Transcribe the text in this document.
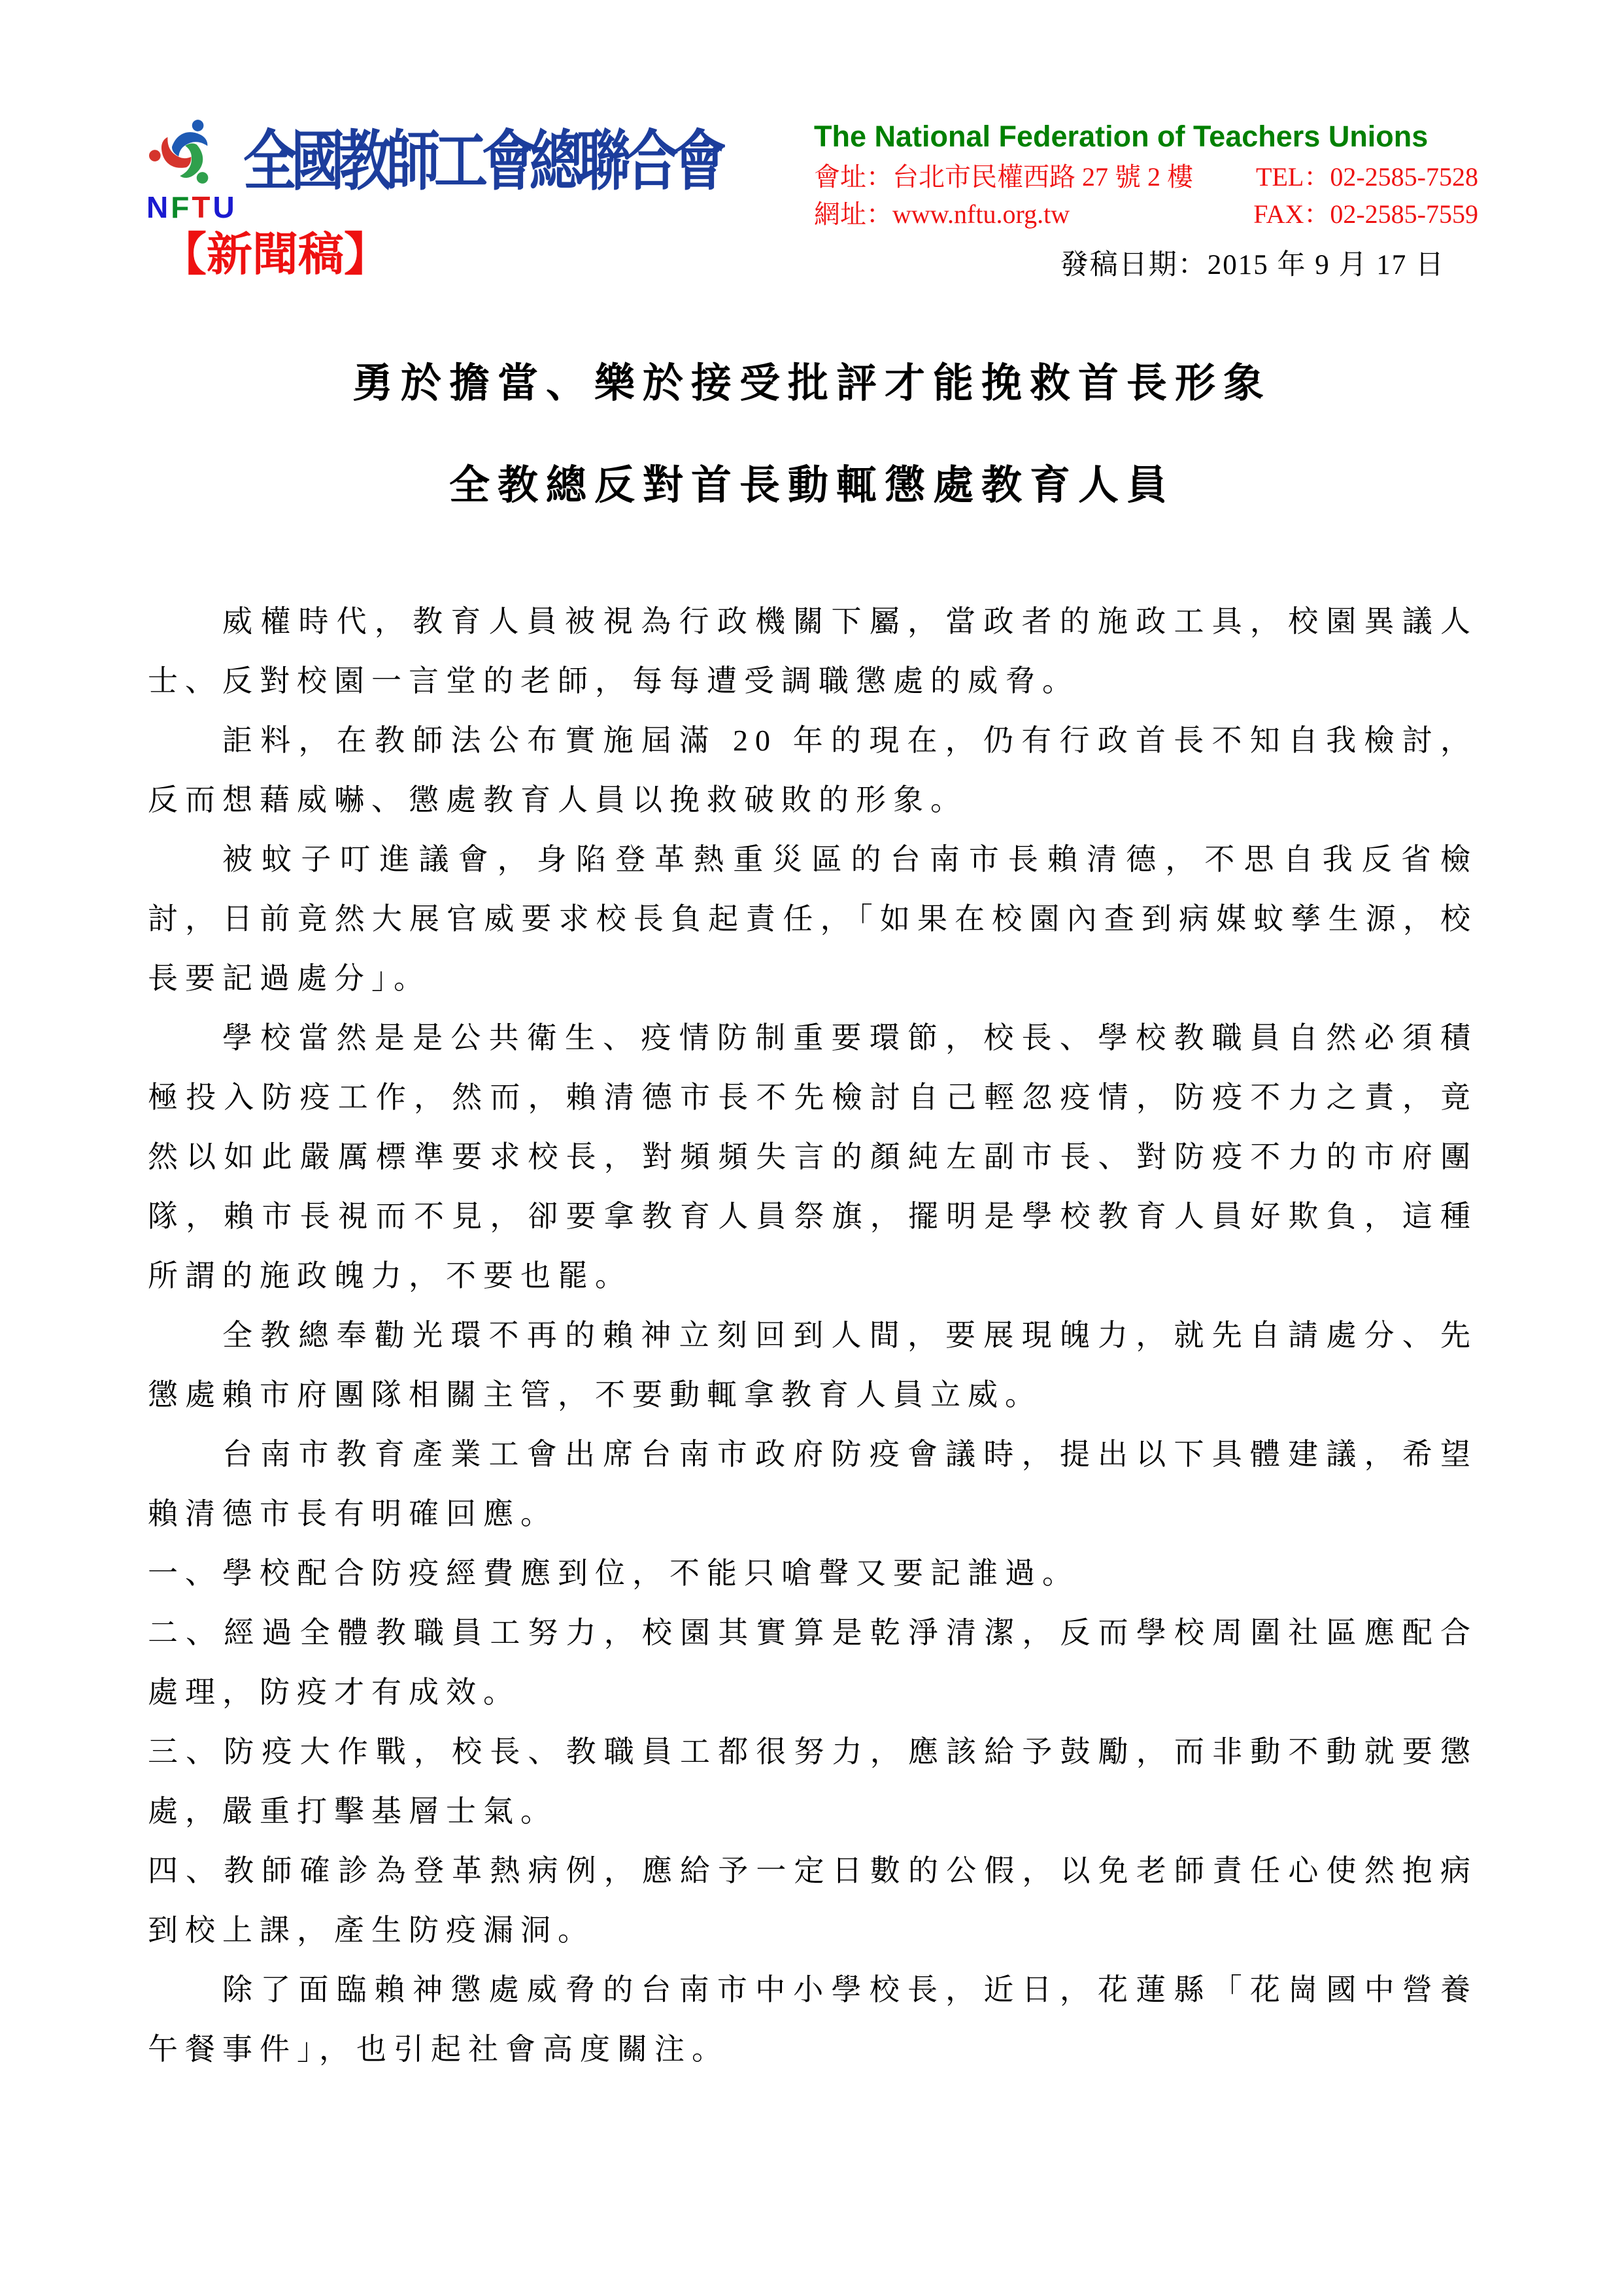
NFTU
全國教師工會總聯合會	The National Federation of Teachers Unions
會址：台北市民權西路 27 號 2 樓 TEL：02-2585-7528
網址：www.nftu.org.tw	FAX：02-2585-7559
【新聞稿】	發稿日期：2015 年 9 月 17 日
勇於擔當、樂於接受批評才能挽救首長形象
全教總反對首長動輒懲處教育人員

威權時代，教育人員被視為行政機關下屬，當政者的施政工具，校園異議人士、反對校園一言堂的老師，每每遭受調職懲處的威脅。

詎料，在教師法公布實施屆滿 20 年的現在，仍有行政首長不知自我檢討，反而想藉威嚇、懲處教育人員以挽救破敗的形象。

被蚊子叮進議會，身陷登革熱重災區的台南市長賴清德，不思自我反省檢討，日前竟然大展官威要求校長負起責任，「如果在校園內查到病媒蚊孳生源，校長要記過處分」。

學校當然是是公共衛生、疫情防制重要環節，校長、學校教職員自然必須積極投入防疫工作，然而，賴清德市長不先檢討自己輕忽疫情，防疫不力之責，竟然以如此嚴厲標準要求校長，對頻頻失言的顏純左副市長、對防疫不力的市府團隊，賴市長視而不見，卻要拿教育人員祭旗，擺明是學校教育人員好欺負，這種所謂的施政魄力，不要也罷。

全教總奉勸光環不再的賴神立刻回到人間，要展現魄力，就先自請處分、先懲處賴市府團隊相關主管，不要動輒拿教育人員立威。

台南市教育產業工會出席台南市政府防疫會議時，提出以下具體建議，希望賴清德市長有明確回應。

一、學校配合防疫經費應到位，不能只嗆聲又要記誰過。

二、經過全體教職員工努力，校園其實算是乾淨清潔，反而學校周圍社區應配合處理，防疫才有成效。

三、防疫大作戰，校長、教職員工都很努力，應該給予鼓勵，而非動不動就要懲處，嚴重打擊基層士氣。

四、教師確診為登革熱病例，應給予一定日數的公假，以免老師責任心使然抱病到校上課，產生防疫漏洞。

除了面臨賴神懲處威脅的台南市中小學校長，近日，花蓮縣「花崗國中營養午餐事件」，也引起社會高度關注。
